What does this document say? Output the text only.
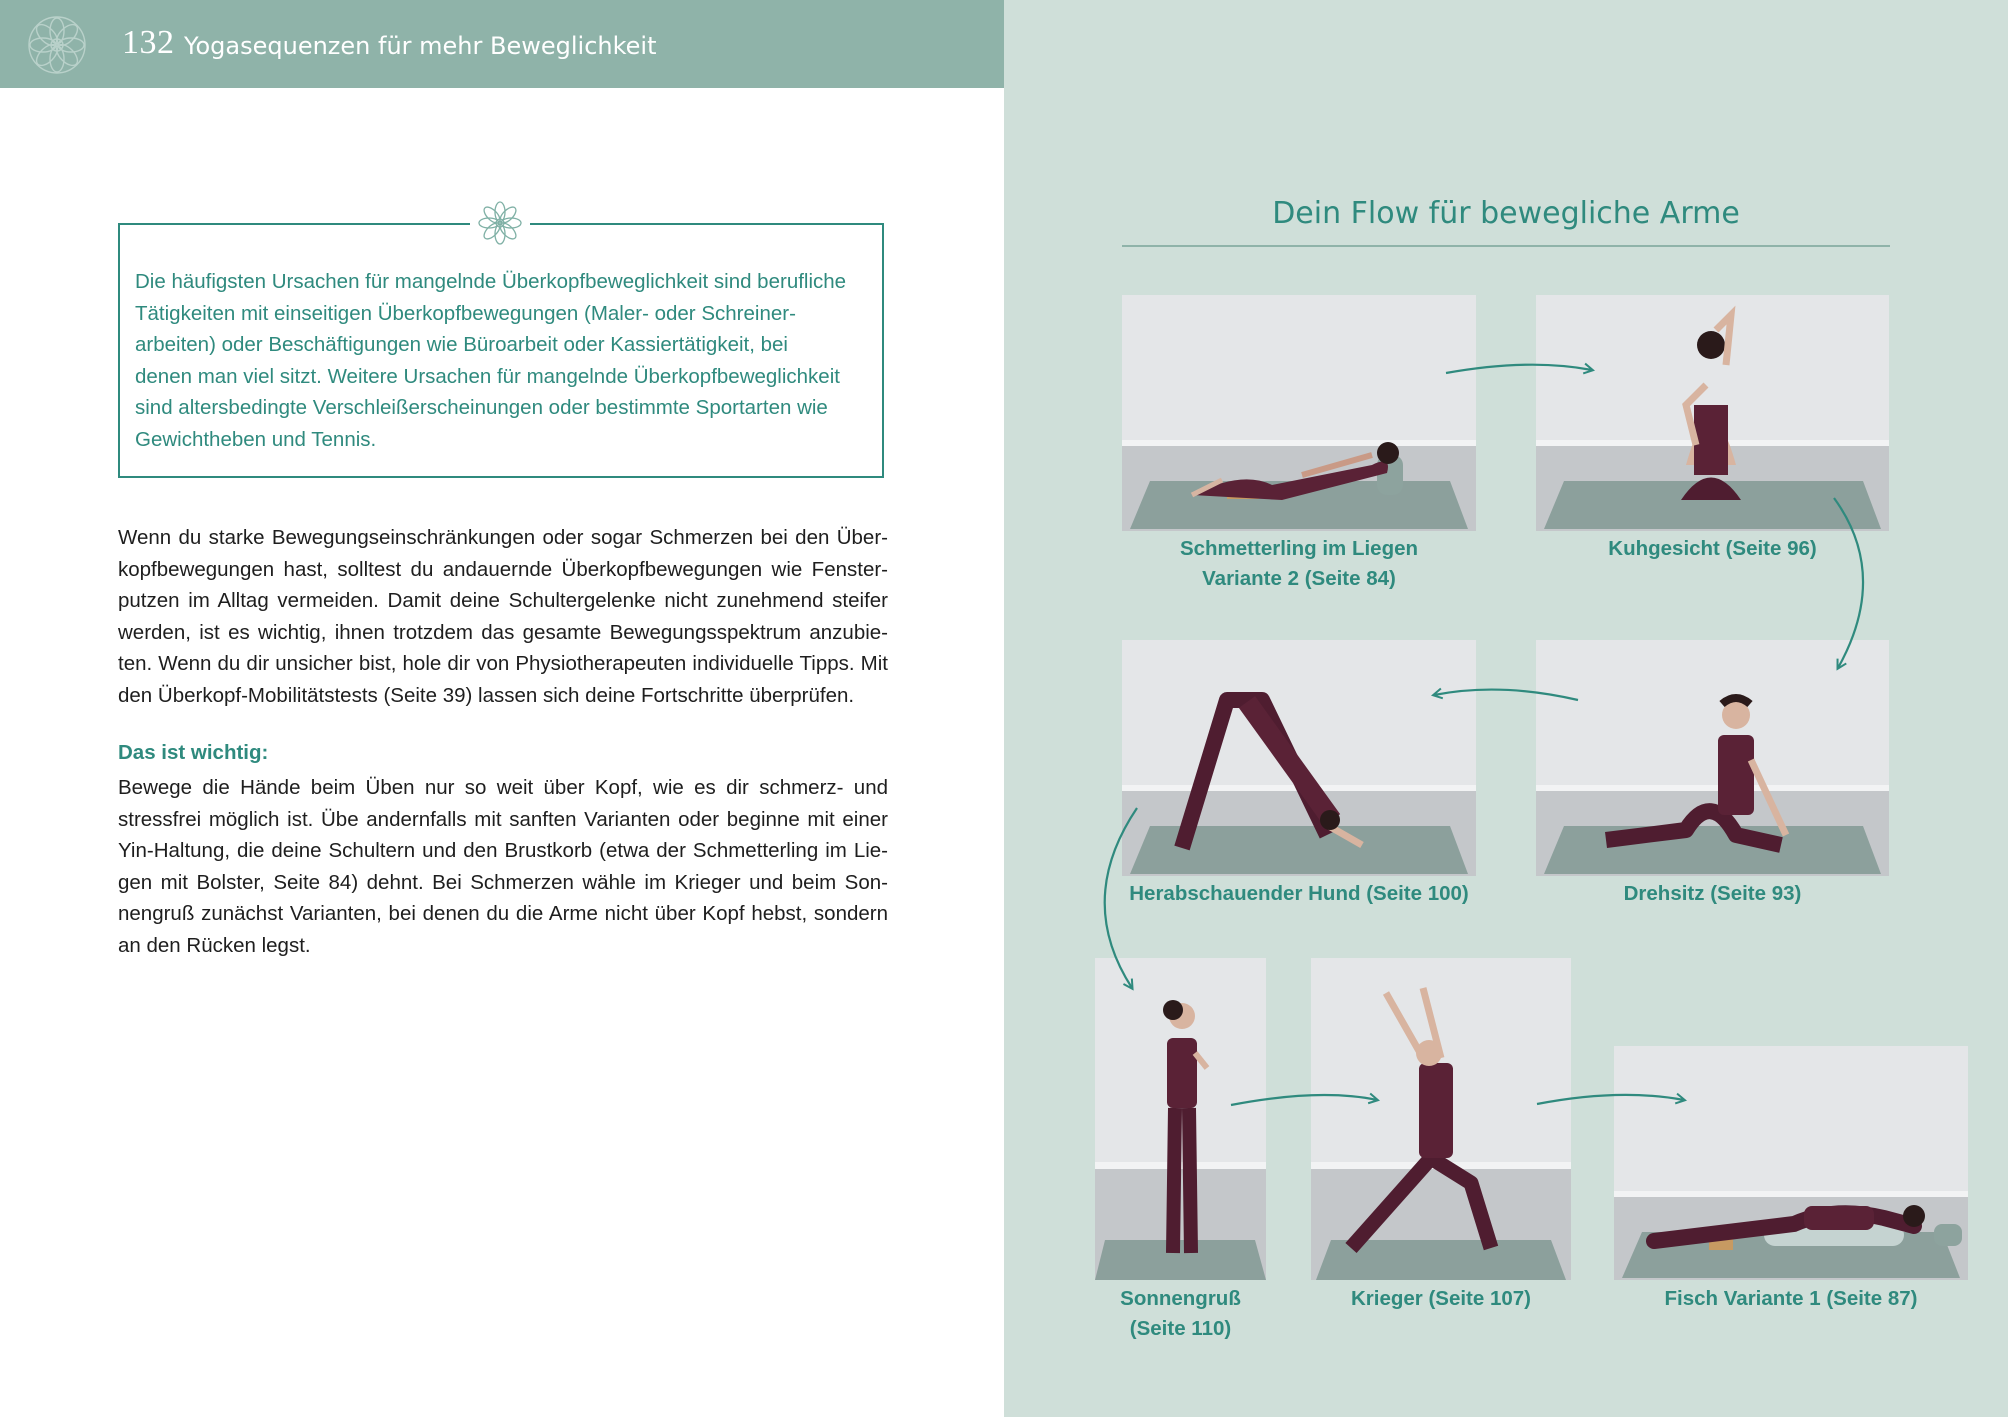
132 Yogasequenzen für mehr Beweglichkeit
Die häufigsten Ursachen für mangelnde Überkopfbeweglichkeit sind berufliche
Tätigkeiten mit einseitigen Überkopfbewegungen (Maler- oder Schreiner-
arbeiten) oder Beschäftigungen wie Büroarbeit oder Kassiertätigkeit, bei
denen man viel sitzt. Weitere Ursachen für mangelnde Überkopfbeweglichkeit
sind altersbedingte Verschleißerscheinungen oder bestimmte Sportarten wie
Gewichtheben und Tennis.
Wenn du starke Bewegungseinschränkungen oder sogar Schmerzen bei den Über-
kopfbewegungen hast, solltest du andauernde Überkopfbewegungen wie Fenster-
putzen im Alltag vermeiden. Damit deine Schultergelenke nicht zunehmend steifer
werden, ist es wichtig, ihnen trotzdem das gesamte Bewegungsspektrum anzubie-
ten. Wenn du dir unsicher bist, hole dir von Physiotherapeuten individuelle Tipps. Mit
den Überkopf-Mobilitätstests (Seite 39) lassen sich deine Fortschritte überprüfen.
Das ist wichtig:
Bewege die Hände beim Üben nur so weit über Kopf, wie es dir schmerz- und
stressfrei möglich ist. Übe andernfalls mit sanften Varianten oder beginne mit einer
Yin-Haltung, die deine Schultern und den Brustkorb (etwa der Schmetterling im Lie-
gen mit Bolster, Seite 84) dehnt. Bei Schmerzen wähle im Krieger und beim Son-
nengruß zunächst Varianten, bei denen du die Arme nicht über Kopf hebst, sondern
an den Rücken legst.
Dein Flow für bewegliche Arme
Schmetterling im Liegen
Variante 2 (Seite 84)
Kuhgesicht (Seite 96)
Herabschauender Hund (Seite 100)	Drehsitz (Seite 93)
Sonnengruß
(Seite 110)
Krieger (Seite 107)	Fisch Variante 1 (Seite 87)
